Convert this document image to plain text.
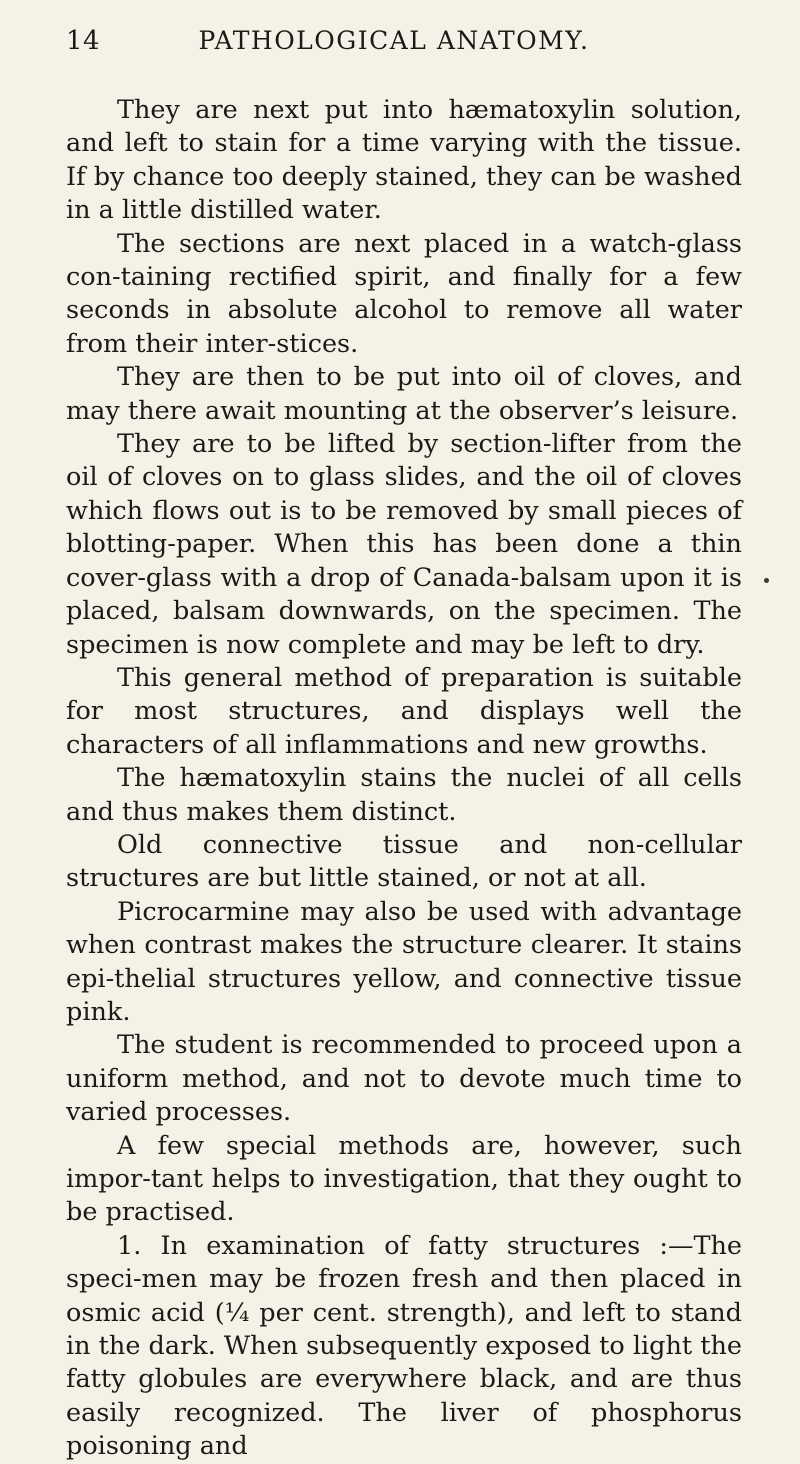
14	PATHOLOGICAL ANATOMY.

They are next put into hæmatoxylin solution, and left to stain for a time varying with the tissue. If by chance too deeply stained, they can be washed in a little distilled water.

The sections are next placed in a watch-glass con-taining rectified spirit, and finally for a few seconds in absolute alcohol to remove all water from their inter-stices.

They are then to be put into oil of cloves, and may there await mounting at the observer’s leisure.

They are to be lifted by section-lifter from the oil of cloves on to glass slides, and the oil of cloves which flows out is to be removed by small pieces of blotting-paper. When this has been done a thin cover-glass with a drop of Canada-balsam upon it is placed, balsam downwards, on the specimen. The specimen is now complete and may be left to dry.

This general method of preparation is suitable for most structures, and displays well the characters of all inflammations and new growths.

The hæmatoxylin stains the nuclei of all cells and thus makes them distinct.

Old connective tissue and non-cellular structures are but little stained, or not at all.

Picrocarmine may also be used with advantage when contrast makes the structure clearer. It stains epi-thelial structures yellow, and connective tissue pink.

The student is recommended to proceed upon a uniform method, and not to devote much time to varied processes.

A few special methods are, however, such impor-tant helps to investigation, that they ought to be practised.

1. In examination of fatty structures :—The speci-men may be frozen fresh and then placed in osmic acid (¼ per cent. strength), and left to stand in the dark. When subsequently exposed to light the fatty globules are everywhere black, and are thus easily recognized. The liver of phosphorus poisoning and
